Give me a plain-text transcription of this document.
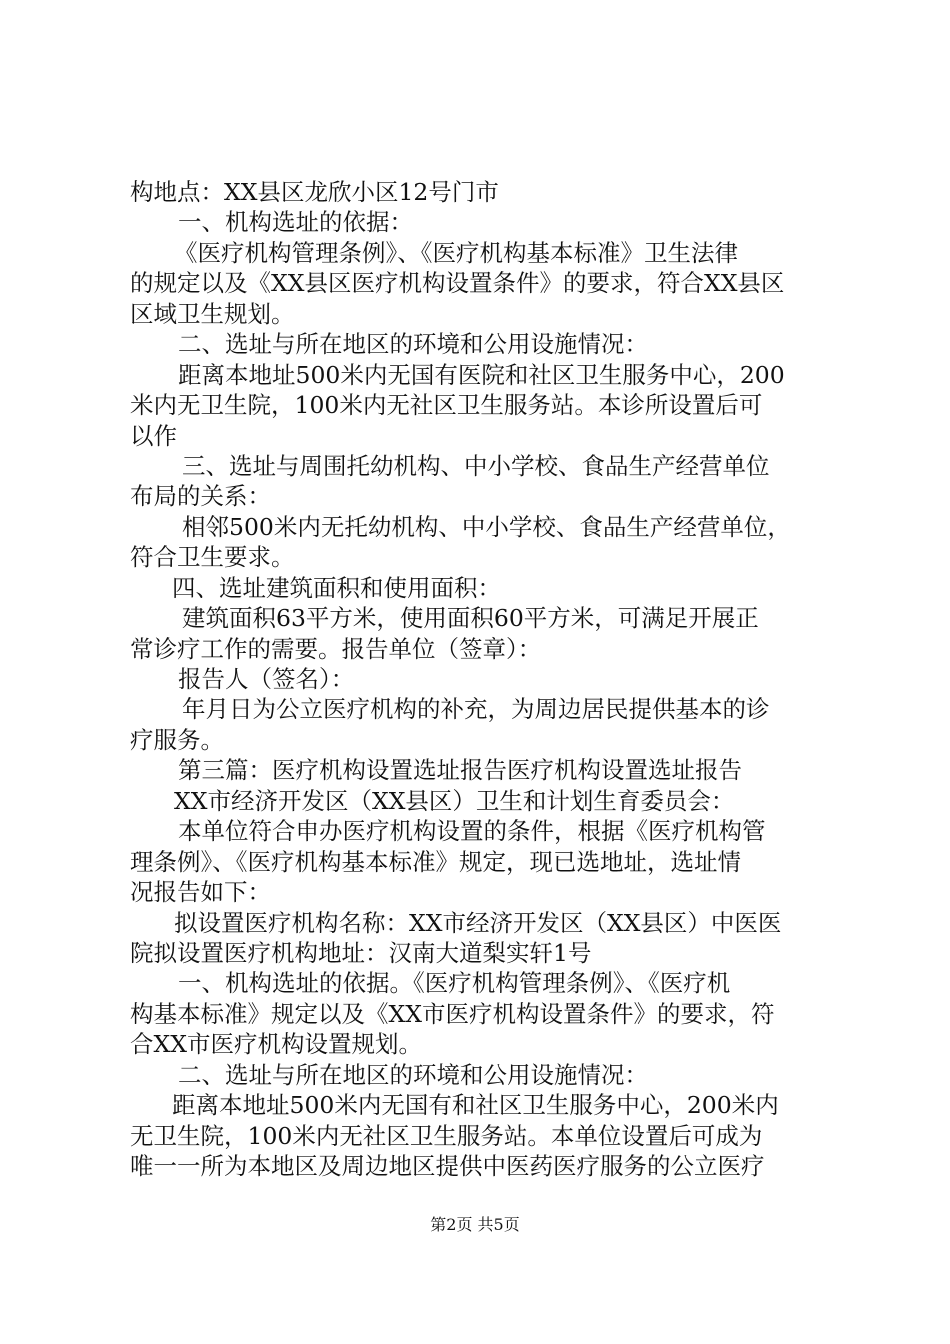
构地点：XX县区龙欣小区12号门市
一、机构选址的依据：
《医疗机构管理条例》、《医疗机构基本标准》卫生法律
的规定以及《XX县区医疗机构设置条件》的要求，符合XX县区
区域卫生规划。
二、选址与所在地区的环境和公用设施情况：
距离本地址500米内无国有医院和社区卫生服务中心，200
米内无卫生院，100米内无社区卫生服务站。本诊所设置后可
以作
三、选址与周围托幼机构、中小学校、食品生产经营单位
布局的关系：
相邻500米内无托幼机构、中小学校、食品生产经营单位，
符合卫生要求。
四、选址建筑面积和使用面积：
建筑面积63平方米，使用面积60平方米，可满足开展正
常诊疗工作的需要。报告单位（签章）：
报告人（签名）：
年月日为公立医疗机构的补充，为周边居民提供基本的诊
疗服务。
第三篇：医疗机构设置选址报告医疗机构设置选址报告
XX市经济开发区（XX县区）卫生和计划生育委员会：
本单位符合申办医疗机构设置的条件，根据《医疗机构管
理条例》、《医疗机构基本标准》规定，现已选地址，选址情
况报告如下：
拟设置医疗机构名称：XX市经济开发区（XX县区）中医医
院拟设置医疗机构地址：汉南大道梨实轩1号
一、机构选址的依据。《医疗机构管理条例》、《医疗机
构基本标准》规定以及《XX市医疗机构设置条件》的要求，符
合XX市医疗机构设置规划。
二、选址与所在地区的环境和公用设施情况：
距离本地址500米内无国有和社区卫生服务中心，200米内
无卫生院，100米内无社区卫生服务站。本单位设置后可成为
唯一一所为本地区及周边地区提供中医药医疗服务的公立医疗
第2页 共5页
